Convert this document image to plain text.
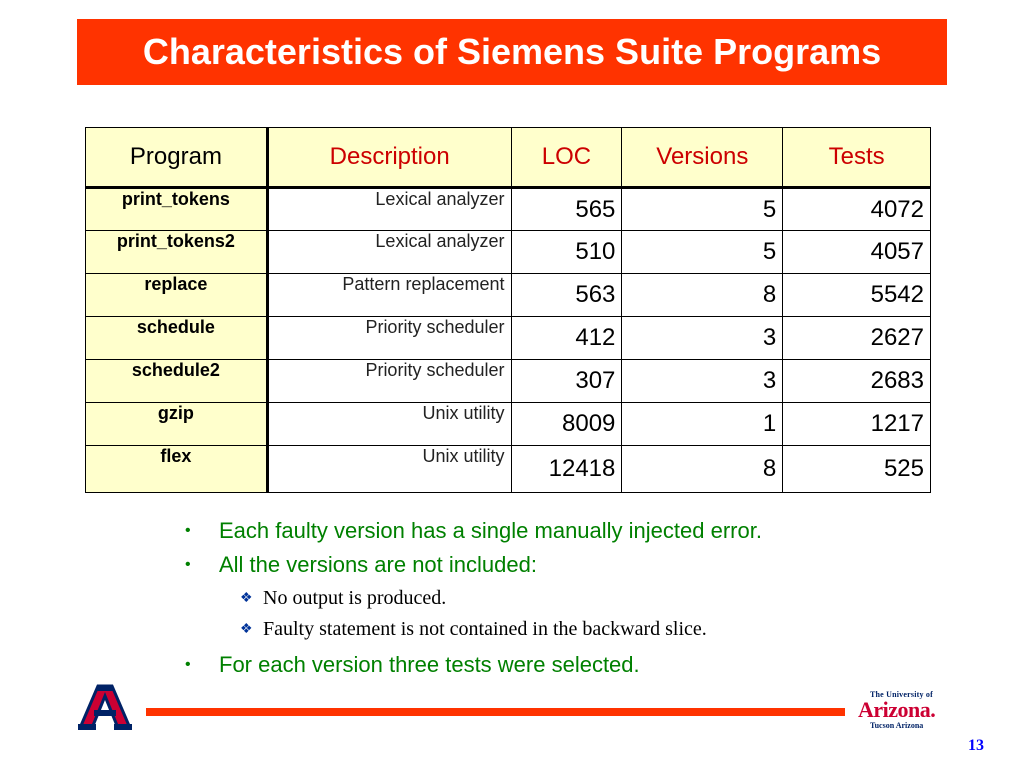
Characteristics of Siemens Suite Programs
Program	Description	LOC	Versions	Tests
print_tokens	Lexical analyzer	565	5	4072
print_tokens2	Lexical analyzer	510	5	4057
replace	Pattern replacement	563	8	5542
schedule	Priority scheduler	412	3	2627
schedule2	Priority scheduler	307	3	2683
gzip	Unix utility	8009	1	1217
flex	Unix utility	12418	8	525
• Each faulty version has a single manually injected error.
• All the versions are not included:
❖ No output is produced.
❖ Faulty statement is not contained in the backward slice.
• For each version three tests were selected.
The University of
Arizona.
Tucson Arizona
13
